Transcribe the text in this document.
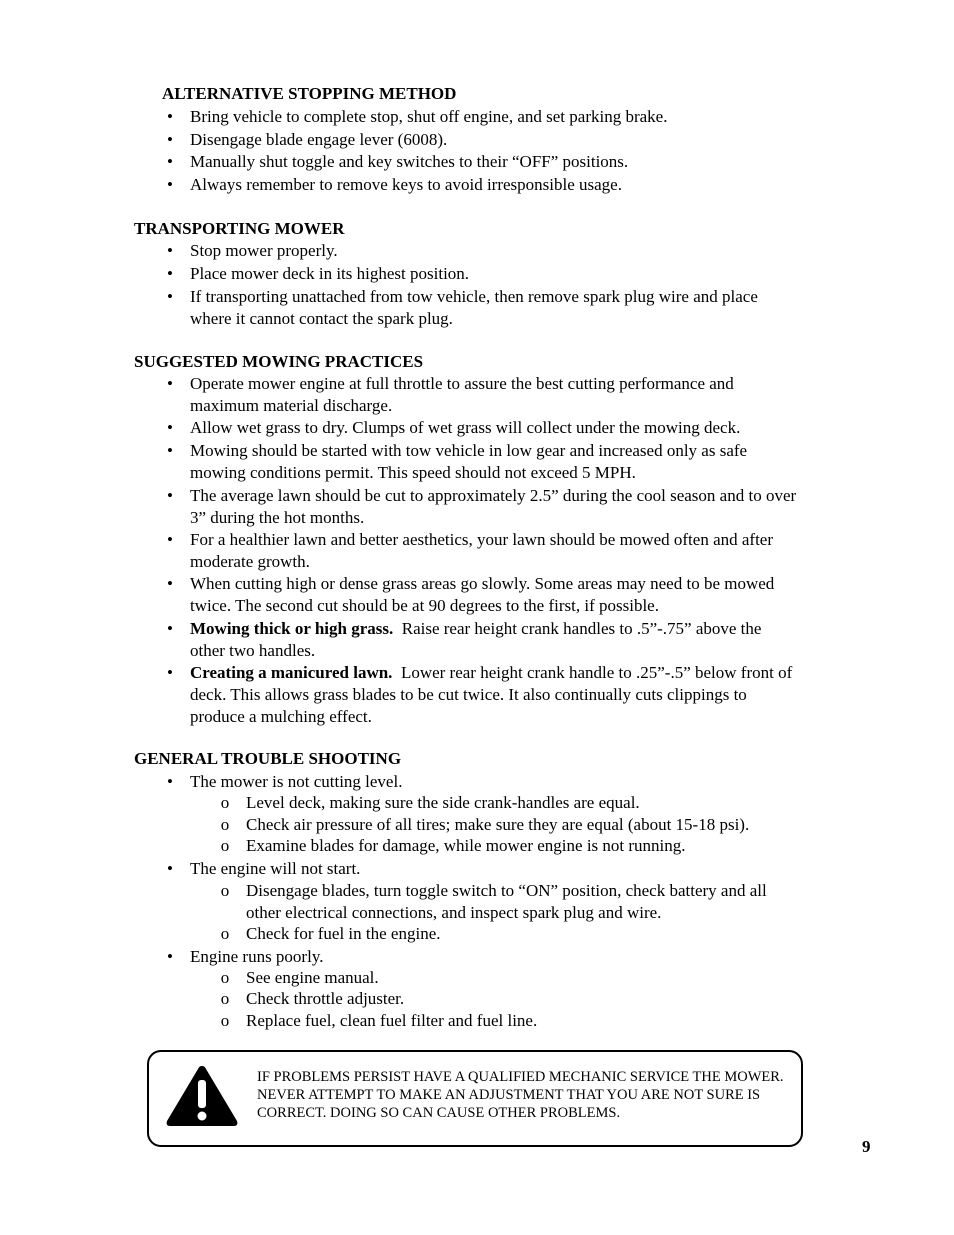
ALTERNATIVE STOPPING METHOD
• Bring vehicle to complete stop, shut off engine, and set parking brake.
• Disengage blade engage lever (6008).
• Manually shut toggle and key switches to their “OFF” positions.
• Always remember to remove keys to avoid irresponsible usage.
TRANSPORTING MOWER
• Stop mower properly.
• Place mower deck in its highest position.
• If transporting unattached from tow vehicle, then remove spark plug wire and place where it cannot contact the spark plug.
SUGGESTED MOWING PRACTICES
• Operate mower engine at full throttle to assure the best cutting performance and maximum material discharge.
• Allow wet grass to dry. Clumps of wet grass will collect under the mowing deck.
• Mowing should be started with tow vehicle in low gear and increased only as safe mowing conditions permit. This speed should not exceed 5 MPH.
• The average lawn should be cut to approximately 2.5” during the cool season and to over 3” during the hot months.
• For a healthier lawn and better aesthetics, your lawn should be mowed often and after moderate growth.
• When cutting high or dense grass areas go slowly. Some areas may need to be mowed twice. The second cut should be at 90 degrees to the first, if possible.
• Mowing thick or high grass. Raise rear height crank handles to .5”-.75” above the other two handles.
• Creating a manicured lawn. Lower rear height crank handle to .25”-.5” below front of deck. This allows grass blades to be cut twice. It also continually cuts clippings to produce a mulching effect.
GENERAL TROUBLE SHOOTING
• The mower is not cutting level.
o Level deck, making sure the side crank-handles are equal.
o Check air pressure of all tires; make sure they are equal (about 15-18 psi).
o Examine blades for damage, while mower engine is not running.
• The engine will not start.
o Disengage blades, turn toggle switch to “ON” position, check battery and all other electrical connections, and inspect spark plug and wire.
o Check for fuel in the engine.
• Engine runs poorly.
o See engine manual.
o Check throttle adjuster.
o Replace fuel, clean fuel filter and fuel line.
IF PROBLEMS PERSIST HAVE A QUALIFIED MECHANIC SERVICE THE MOWER. NEVER ATTEMPT TO MAKE AN ADJUSTMENT THAT YOU ARE NOT SURE IS CORRECT. DOING SO CAN CAUSE OTHER PROBLEMS.
9
